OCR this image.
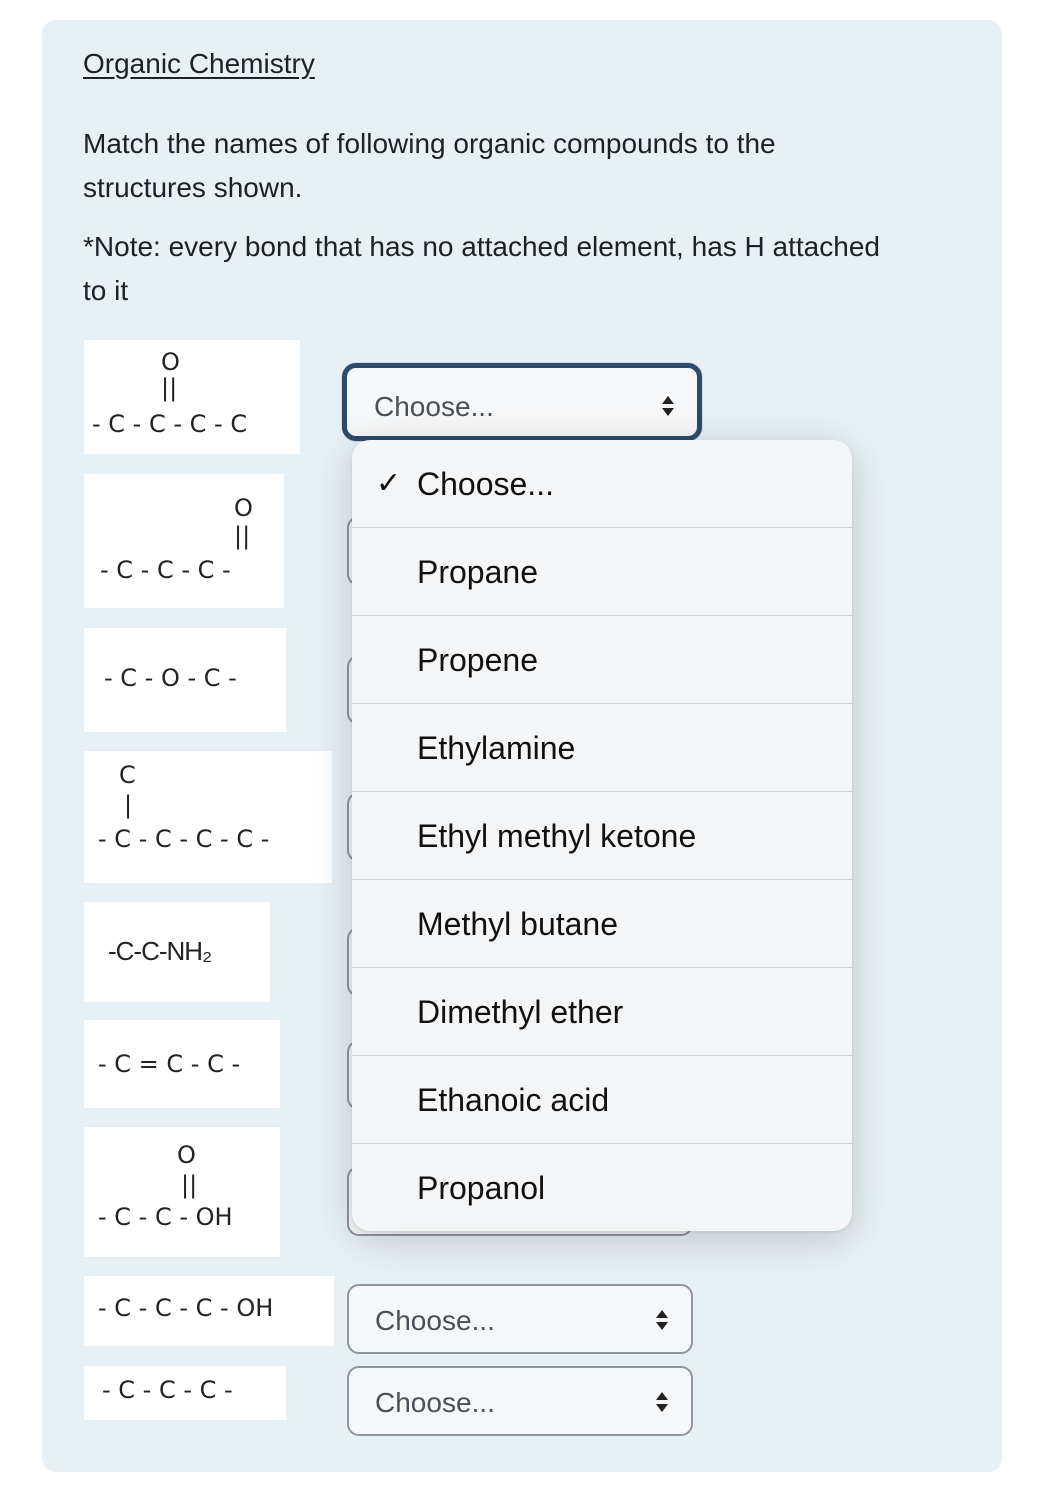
Organic Chemistry
Match the names of following organic compounds to the
structures shown.
*Note: every bond that has no attached element, has H attached
to it
O
||
- C - C - C - C
O
||
- C - C - C -
- C - O - C -
C
|
- C - C - C - C -
-C-C-NH₂
- C = C - C -
O
||
- C - C - OH
- C - C - C - OH
- C - C - C -
Choose...
Choose...
Choose...
✓ Choose...
Propane
Propene
Ethylamine
Ethyl methyl ketone
Methyl butane
Dimethyl ether
Ethanoic acid
Propanol
